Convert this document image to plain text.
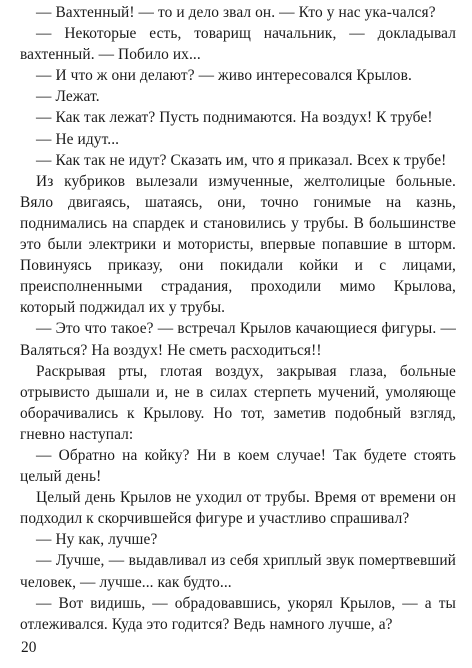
— Вахтенный! — то и дело звал он. — Кто у нас ука-чался?

— Некоторые есть, товарищ начальник, — докладывал вахтенный. — Побило их...

— И что ж они делают? — живо интересовался Крылов.

— Лежат.

— Как так лежат? Пусть поднимаются. На воздух! К трубе!

— Не идут...

— Как так не идут? Сказать им, что я приказал. Всех к трубе!

Из кубриков вылезали измученные, желтолицые больные. Вяло двигаясь, шатаясь, они, точно гонимые на казнь, поднимались на спардек и становились у трубы. В большинстве это были электрики и мотористы, впервые попавшие в шторм. Повинуясь приказу, они покидали койки и с лицами, преисполненными страдания, проходили мимо Крылова, который поджидал их у трубы.

— Это что такое? — встречал Крылов качающиеся фигуры. — Валяться? На воздух! Не сметь расходиться!!

Раскрывая рты, глотая воздух, закрывая глаза, больные отрывисто дышали и, не в силах стерпеть мучений, умоляюще оборачивались к Крылову. Но тот, заметив подобный взгляд, гневно наступал:

— Обратно на койку? Ни в коем случае! Так будете стоять целый день!

Целый день Крылов не уходил от трубы. Время от времени он подходил к скорчившейся фигуре и участливо спрашивал?

— Ну как, лучше?

— Лучше, — выдавливал из себя хриплый звук помертвевший человек, — лучше... как будто...

— Вот видишь, — обрадовавшись, укорял Крылов, — а ты отлеживался. Куда это годится? Ведь намного лучше, а?

20
